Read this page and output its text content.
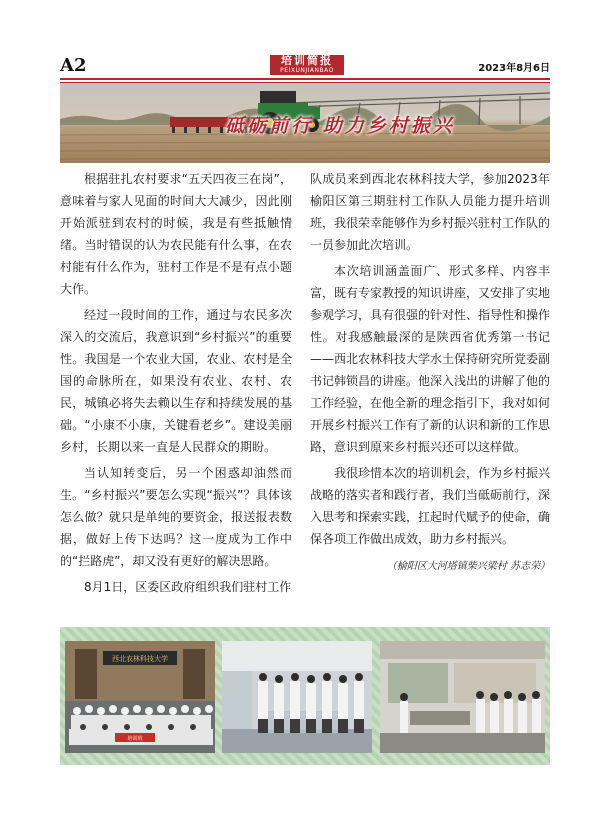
A2	培训简报
PEIXUNJIANBAO	2023年8月6日
砥砺前行 助力乡村振兴

根据驻扎农村要求“五天四夜三在岗”，意味着与家人见面的时间大大减少，因此刚开始派驻到农村的时候，我是有些抵触情绪。当时错误的认为农民能有什么事，在农村能有什么作为，驻村工作是不是有点小题大作。

经过一段时间的工作，通过与农民多次深入的交流后，我意识到“乡村振兴”的重要性。我国是一个农业大国，农业、农村是全国的命脉所在，如果没有农业、农村、农民，城镇必将失去赖以生存和持续发展的基础。“小康不小康，关键看老乡”。建设美丽乡村，长期以来一直是人民群众的期盼。

当认知转变后，另一个困惑却油然而生。“乡村振兴”要怎么实现“振兴”？具体该怎么做？就只是单纯的要资金，报送报表数据，做好上传下达吗？这一度成为工作中的“拦路虎”，却又没有更好的解决思路。

8月1日，区委区政府组织我们驻村工作

队成员来到西北农林科技大学，参加2023年榆阳区第三期驻村工作队人员能力提升培训班，我很荣幸能够作为乡村振兴驻村工作队的一员参加此次培训。

本次培训涵盖面广、形式多样、内容丰富，既有专家教授的知识讲座，又安排了实地参观学习，具有很强的针对性、指导性和操作性。对我感触最深的是陕西省优秀第一书记——西北农林科技大学水土保持研究所党委副书记韩锁昌的讲座。他深入浅出的讲解了他的工作经验，在他全新的理念指引下，我对如何开展乡村振兴工作有了新的认识和新的工作思路，意识到原来乡村振兴还可以这样做。

我很珍惜本次的培训机会，作为乡村振兴战略的落实者和践行者，我们当砥砺前行，深入思考和探索实践，扛起时代赋予的使命，确保各项工作做出成效，助力乡村振兴。

（榆阳区大河塔镇柴兴梁村 苏志荣）
西北农林科技大学
培训班
